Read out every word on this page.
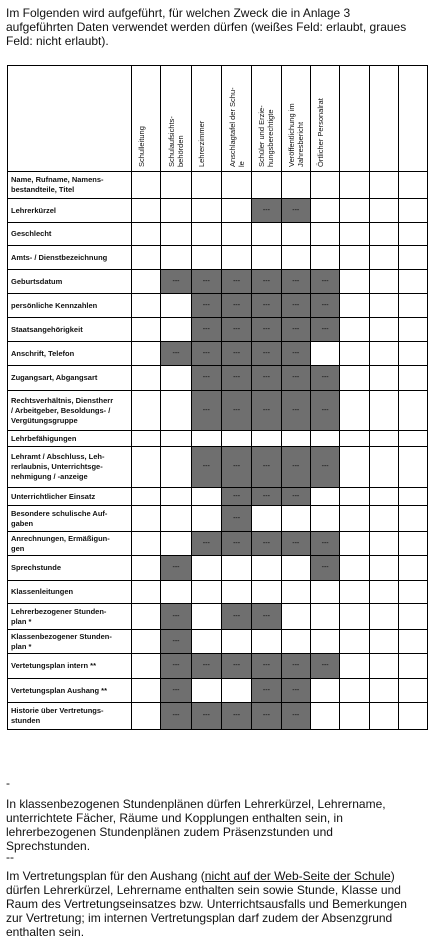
Im Folgenden wird aufgeführt, für welchen Zweck die in Anlage 3 aufgeführten Daten verwendet werden dürfen (weißes Feld: erlaubt, graues Feld: nicht erlaubt).

Schulleitung	Schulaufsichts-
behörden	Lehrerzimmer	Anschlagtafel der Schu-
le	Schüler und Erzie-
hungsberechtigte	Veröffentlichung im
Jahresbericht	Örtlicher Personalrat			

Name, Rufname, Namens-
bestandteile, Titel										
Lehrerkürzel					---	---				

Geschlecht										
Amts- / Dienstbezeichnung										
Geburtsdatum		---	---	---	---	---	---			

persönliche Kennzahlen			---	---	---	---	---			

Staatsangehörigkeit			---	---	---	---	---			

Anschrift, Telefon		---	---	---	---	---				

Zugangsart, Abgangsart			---	---	---	---	---			

Rechtsverhältnis, Dienstherr
/ Arbeitgeber, Besoldungs- /
Vergütungsgruppe			---	---	---	---	---			

Lehrbefähigungen										
Lehramt / Abschluss, Leh-
rerlaubnis, Unterrichtsge-
nehmigung / -anzeige			---	---	---	---	---			

Unterrichtlicher Einsatz				---	---	---				

Besondere schulische Auf-
gaben				---						

Anrechnungen, Ermäßigun-
gen			---	---	---	---	---			

Sprechstunde		---					---			

Klassenleitungen										
Lehrerbezogener Stunden-
plan *		---		---	---					

Klassenbezogener Stunden-
plan *		---								

Vertetungsplan intern **		---	---	---	---	---	---			

Vertetungsplan Aushang **		---			---	---				

Historie über Vertretungs-
stunden		---	---	---	---	---				

-
In klassenbezogenen Stundenplänen dürfen Lehrerkürzel, Lehrername, unterrichtete Fächer, Räume und Kopplungen enthalten sein, in lehrerbezogenen Stundenplänen zudem Präsenzstunden und Sprechstunden.
--
Im Vertretungsplan für den Aushang (nicht auf der Web-Seite der Schule) dürfen Lehrerkürzel, Lehrername enthalten sein sowie Stunde, Klasse und Raum des Vertretungseinsatzes bzw. Unterrichtsausfalls und Bemerkungen zur Vertretung; im internen Vertretungsplan darf zudem der Absenzgrund enthalten sein.
